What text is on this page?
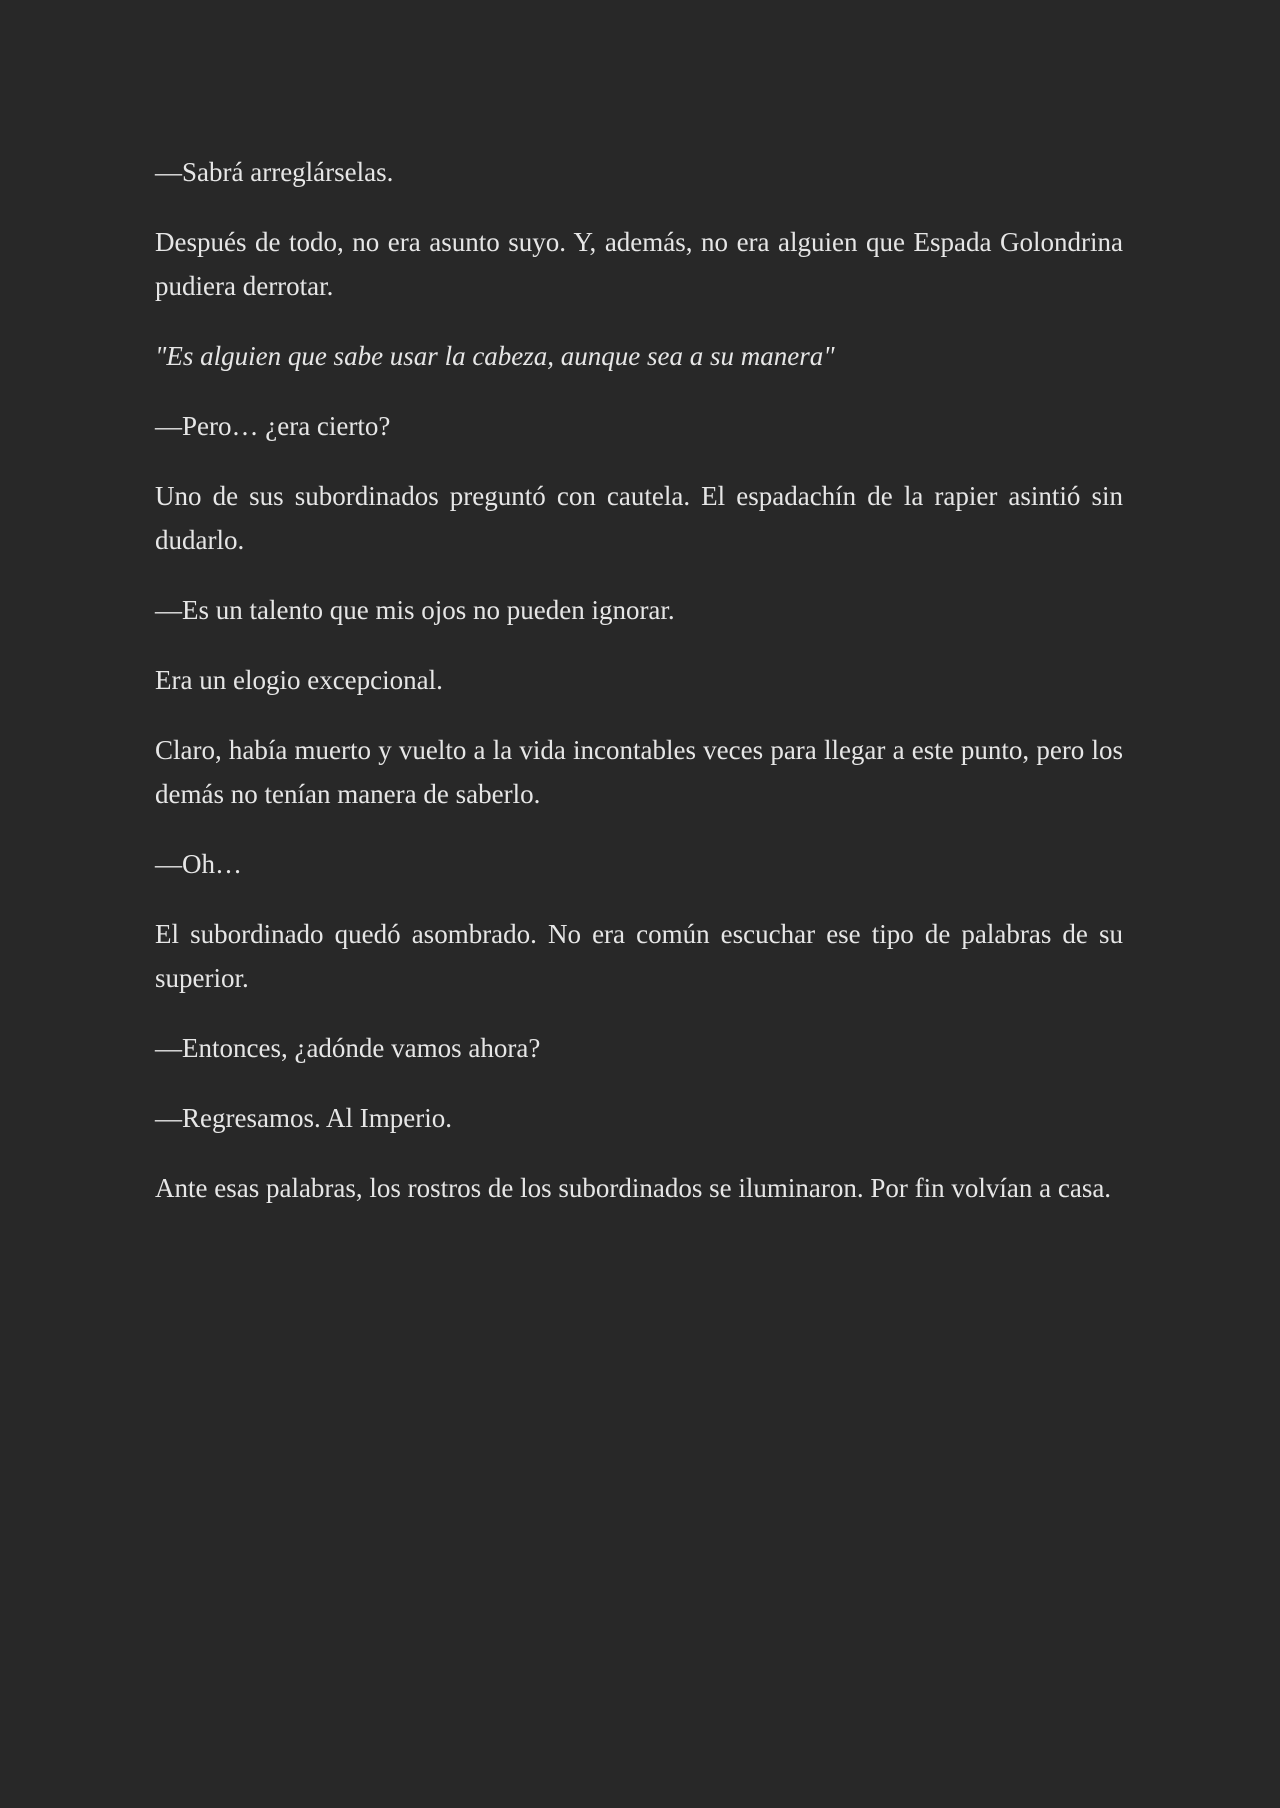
—Sabrá arreglárselas.

Después de todo, no era asunto suyo. Y, además, no era alguien que Espada Golondrina pudiera derrotar.

"Es alguien que sabe usar la cabeza, aunque sea a su manera"

—Pero… ¿era cierto?

Uno de sus subordinados preguntó con cautela. El espadachín de la rapier asintió sin dudarlo.

—Es un talento que mis ojos no pueden ignorar.

Era un elogio excepcional.

Claro, había muerto y vuelto a la vida incontables veces para llegar a este punto, pero los demás no tenían manera de saberlo.

—Oh…

El subordinado quedó asombrado. No era común escuchar ese tipo de palabras de su superior.

—Entonces, ¿adónde vamos ahora?

—Regresamos. Al Imperio.

Ante esas palabras, los rostros de los subordinados se iluminaron. Por fin volvían a casa.
